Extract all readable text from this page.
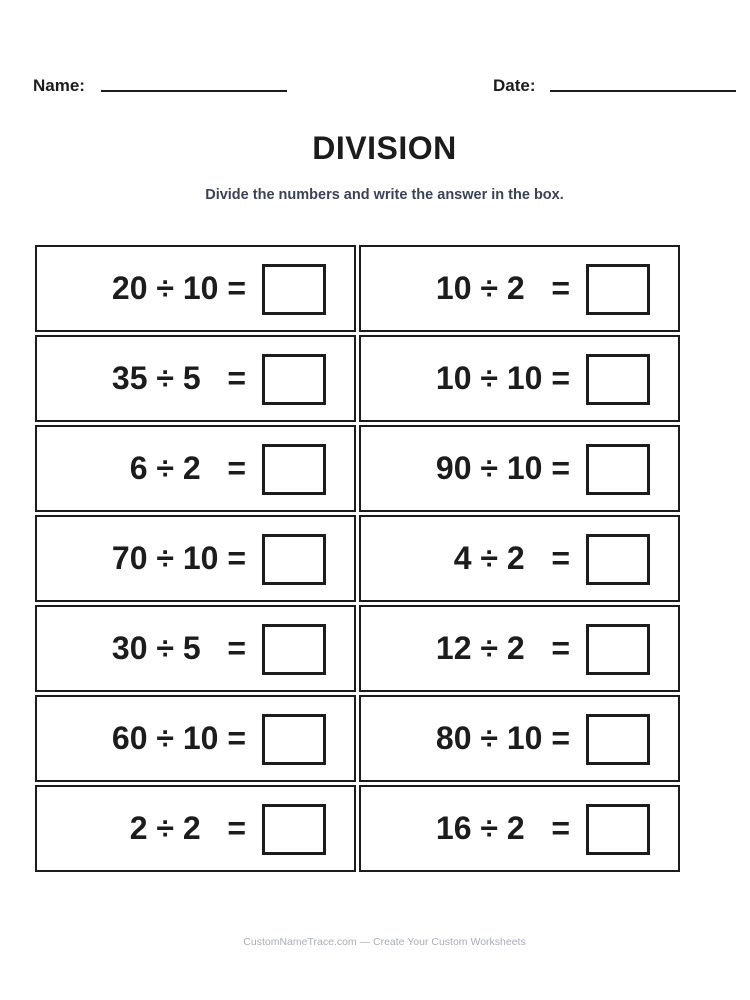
Name:	Date:
DIVISION
Divide the numbers and write the answer in the box.
20 ÷ 10 =	10 ÷ 2   =
35 ÷ 5   =	10 ÷ 10 =
6 ÷ 2   =	90 ÷ 10 =
70 ÷ 10 =	4 ÷ 2   =
30 ÷ 5   =	12 ÷ 2   =
60 ÷ 10 =	80 ÷ 10 =
2 ÷ 2   =	16 ÷ 2   =
CustomNameTrace.com — Create Your Custom Worksheets
